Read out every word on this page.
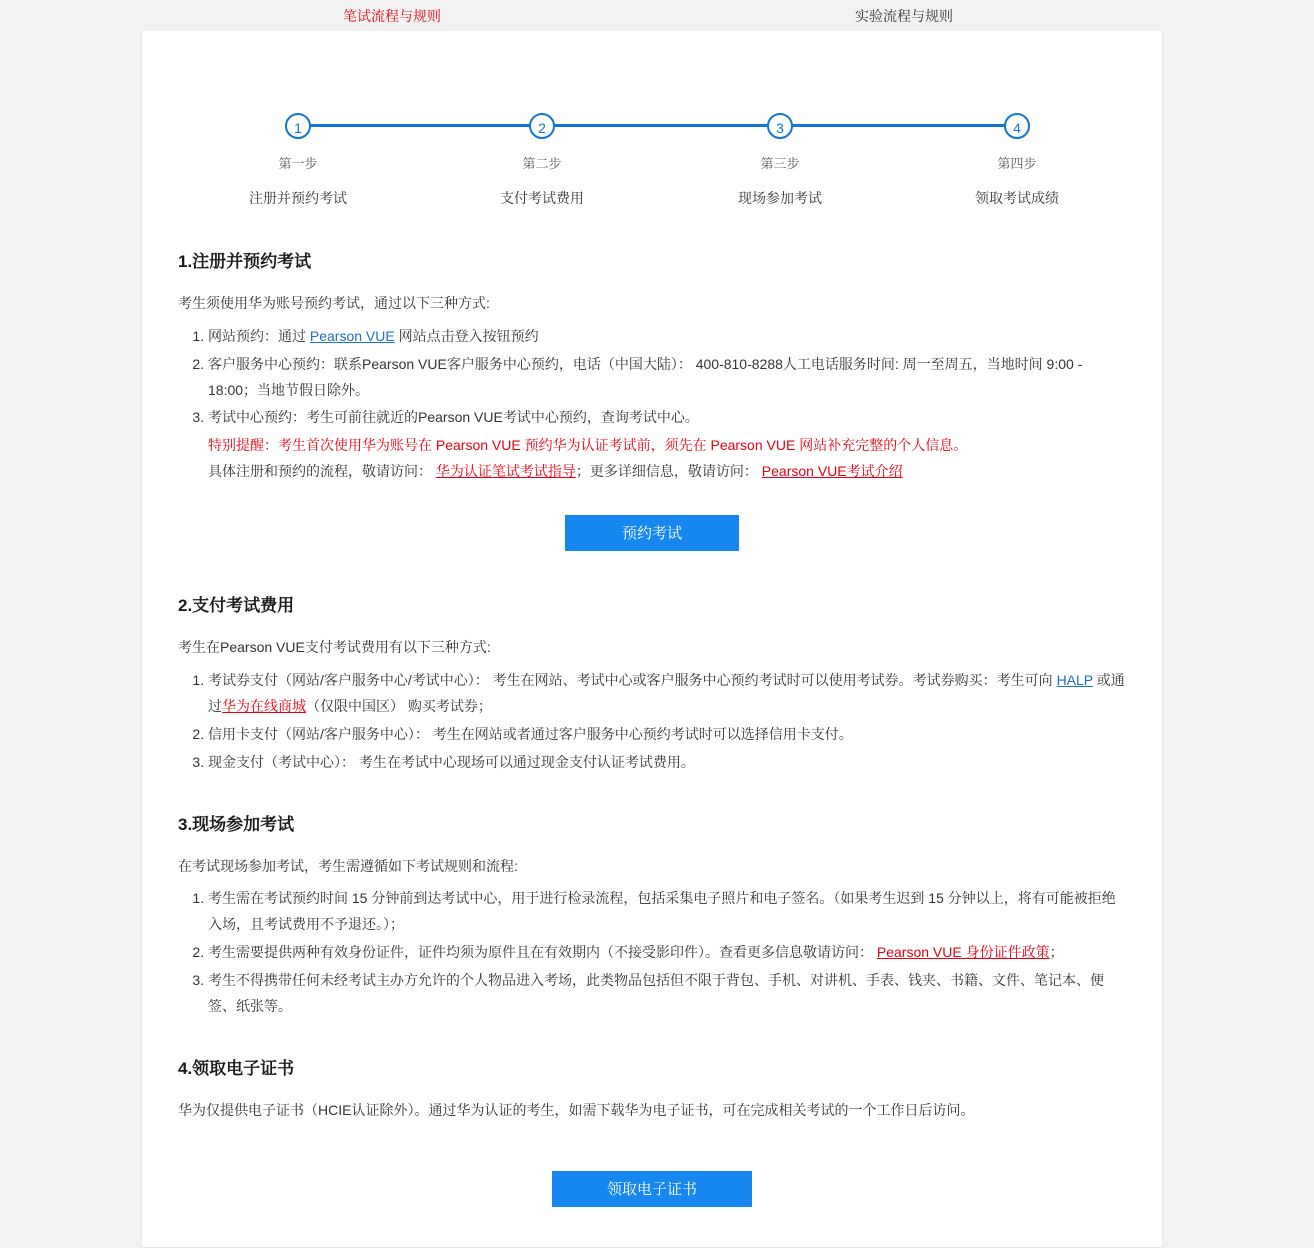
笔试流程与规则	实验流程与规则
1
第一步
注册并预约考试
2
第二步
支付考试费用
3
第三步
现场参加考试
4
第四步
领取考试成绩
1.注册并预约考试

考生须使用华为账号预约考试，通过以下三种方式:

1. 网站预约：通过 Pearson VUE 网站点击登入按钮预约
2. 客户服务中心预约：联系Pearson VUE客户服务中心预约，电话（中国大陆）： 400-810-8288人工电话服务时间: 周一至周五，当地时间 9:00 - 18:00；当地节假日除外。
3. 考试中心预约：考生可前往就近的Pearson VUE考试中心预约，查询考试中心。
特别提醒：考生首次使用华为账号在 Pearson VUE 预约华为认证考试前，须先在 Pearson VUE 网站补充完整的个人信息。
具体注册和预约的流程，敬请访问： 华为认证笔试考试指导；更多详细信息，敬请访问： Pearson VUE考试介绍
预约考试
2.支付考试费用

考生在Pearson VUE支付考试费用有以下三种方式:

1. 考试券支付（网站/客户服务中心/考试中心）： 考生在网站、考试中心或客户服务中心预约考试时可以使用考试券。考试券购买：考生可向 HALP 或通过华为在线商城（仅限中国区） 购买考试券；
2. 信用卡支付（网站/客户服务中心）： 考生在网站或者通过客户服务中心预约考试时可以选择信用卡支付。
3. 现金支付（考试中心）： 考生在考试中心现场可以通过现金支付认证考试费用。
3.现场参加考试

在考试现场参加考试，考生需遵循如下考试规则和流程:

1. 考生需在考试预约时间 15 分钟前到达考试中心，用于进行检录流程，包括采集电子照片和电子签名。（如果考生迟到 15 分钟以上，将有可能被拒绝入场，且考试费用不予退还。）；
2. 考生需要提供两种有效身份证件，证件均须为原件且在有效期内（不接受影印件）。查看更多信息敬请访问： Pearson VUE 身份证件政策；
3. 考生不得携带任何未经考试主办方允许的个人物品进入考场，此类物品包括但不限于背包、手机、对讲机、手表、钱夹、书籍、文件、笔记本、便签、纸张等。
4.领取电子证书

华为仅提供电子证书（HCIE认证除外）。通过华为认证的考生，如需下载华为电子证书，可在完成相关考试的一个工作日后访问。

领取电子证书
